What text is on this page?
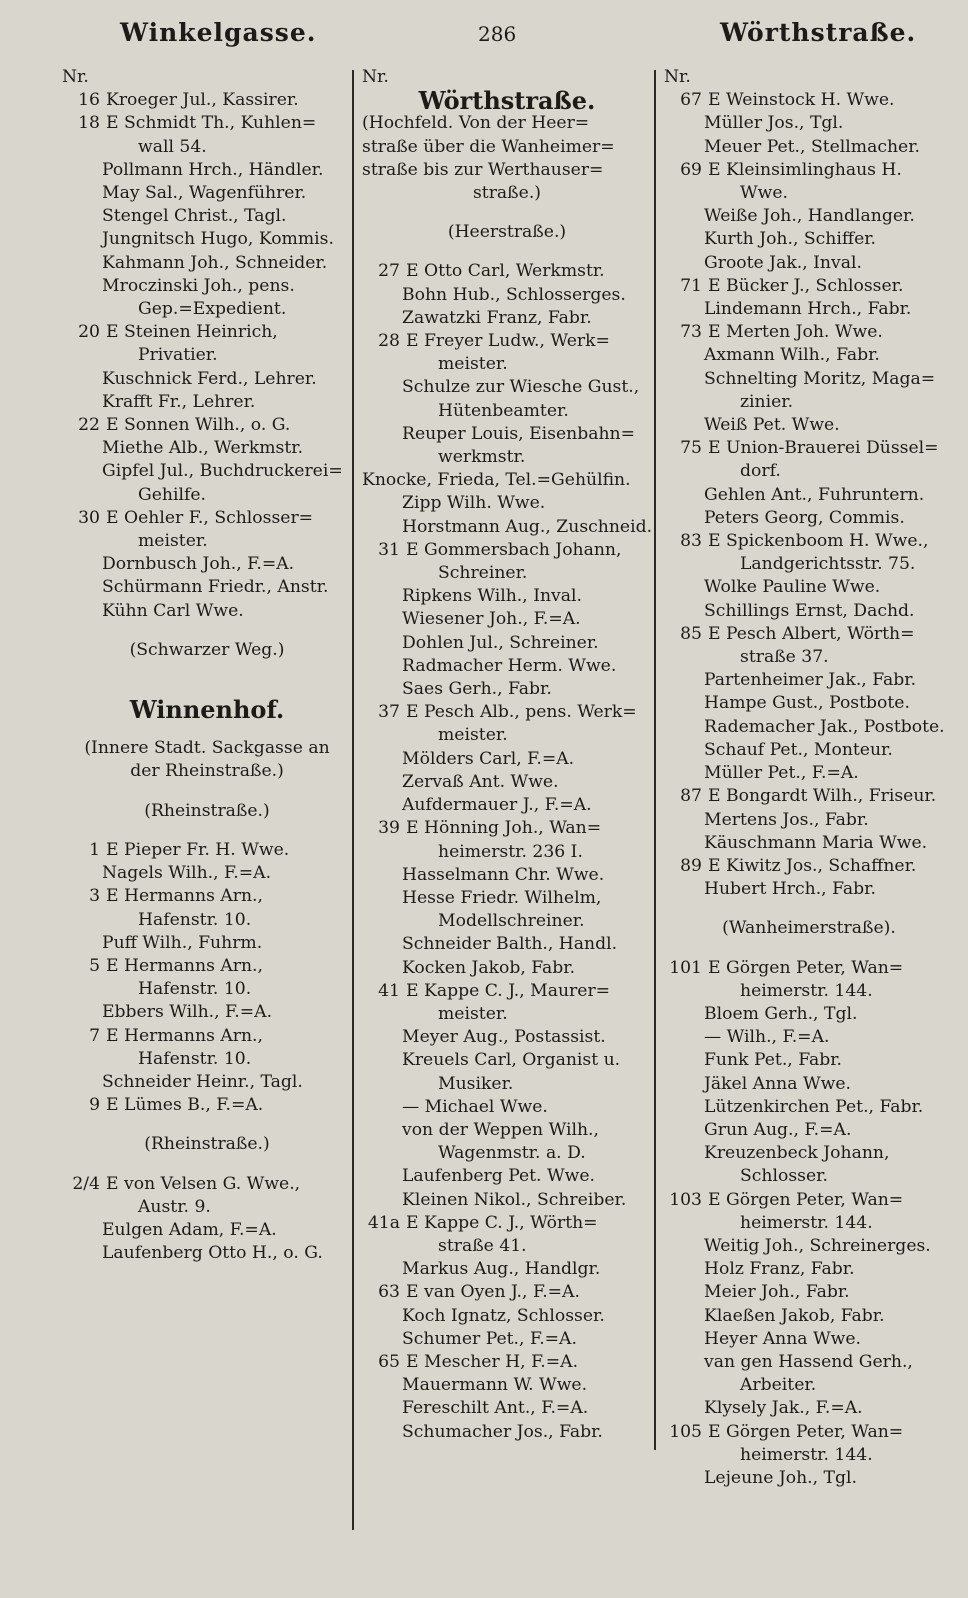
Winkelgasse.	286	Wörthstraße.
Nr.
16 Kroeger Jul., Kassirer.
18 E Schmidt Th., Kuhlen=
wall 54.
Pollmann Hrch., Händler.
May Sal., Wagenführer.
Stengel Christ., Tagl.
Jungnitsch Hugo, Kommis.
Kahmann Joh., Schneider.
Mroczinski Joh., pens.
Gep.=Expedient.
20 E Steinen Heinrich,
Privatier.
Kuschnick Ferd., Lehrer.
Krafft Fr., Lehrer.
22 E Sonnen Wilh., o. G.
Miethe Alb., Werkmstr.
Gipfel Jul., Buchdruckerei=
Gehilfe.
30 E Oehler F., Schlosser=
meister.
Dornbusch Joh., F.=A.
Schürmann Friedr., Anstr.
Kühn Carl Wwe.
(Schwarzer Weg.)
Winnenhof.
(Innere Stadt. Sackgasse an
der Rheinstraße.)
(Rheinstraße.)
1 E Pieper Fr. H. Wwe.
Nagels Wilh., F.=A.
3 E Hermanns Arn.,
Hafenstr. 10.
Puff Wilh., Fuhrm.
5 E Hermanns Arn.,
Hafenstr. 10.
Ebbers Wilh., F.=A.
7 E Hermanns Arn.,
Hafenstr. 10.
Schneider Heinr., Tagl.
9 E Lümes B., F.=A.
(Rheinstraße.)
2/4 E von Velsen G. Wwe.,
Austr. 9.
Eulgen Adam, F.=A.
Laufenberg Otto H., o. G.
Nr.
Wörthstraße.
(Hochfeld. Von der Heer=
straße über die Wanheimer=
straße bis zur Werthauser=
straße.)
(Heerstraße.)
27 E Otto Carl, Werkmstr.
Bohn Hub., Schlosserges.
Zawatzki Franz, Fabr.
28 E Freyer Ludw., Werk=
meister.
Schulze zur Wiesche Gust.,
Hütenbeamter.
Reuper Louis, Eisenbahn=
werkmstr.
Knocke, Frieda, Tel.=Gehülfin.
Zipp Wilh. Wwe.
Horstmann Aug., Zuschneid.
31 E Gommersbach Johann,
Schreiner.
Ripkens Wilh., Inval.
Wiesener Joh., F.=A.
Dohlen Jul., Schreiner.
Radmacher Herm. Wwe.
Saes Gerh., Fabr.
37 E Pesch Alb., pens. Werk=
meister.
Mölders Carl, F.=A.
Zervaß Ant. Wwe.
Aufdermauer J., F.=A.
39 E Hönning Joh., Wan=
heimerstr. 236 I.
Hasselmann Chr. Wwe.
Hesse Friedr. Wilhelm,
Modellschreiner.
Schneider Balth., Handl.
Kocken Jakob, Fabr.
41 E Kappe C. J., Maurer=
meister.
Meyer Aug., Postassist.
Kreuels Carl, Organist u.
Musiker.
— Michael Wwe.
von der Weppen Wilh.,
Wagenmstr. a. D.
Laufenberg Pet. Wwe.
Kleinen Nikol., Schreiber.
41a E Kappe C. J., Wörth=
straße 41.
Markus Aug., Handlgr.
63 E van Oyen J., F.=A.
Koch Ignatz, Schlosser.
Schumer Pet., F.=A.
65 E Mescher H, F.=A.
Mauermann W. Wwe.
Fereschilt Ant., F.=A.
Schumacher Jos., Fabr.
Nr.
67 E Weinstock H. Wwe.
Müller Jos., Tgl.
Meuer Pet., Stellmacher.
69 E Kleinsimlinghaus H.
Wwe.
Weiße Joh., Handlanger.
Kurth Joh., Schiffer.
Groote Jak., Inval.
71 E Bücker J., Schlosser.
Lindemann Hrch., Fabr.
73 E Merten Joh. Wwe.
Axmann Wilh., Fabr.
Schnelting Moritz, Maga=
zinier.
Weiß Pet. Wwe.
75 E Union-Brauerei Düssel=
dorf.
Gehlen Ant., Fuhruntern.
Peters Georg, Commis.
83 E Spickenboom H. Wwe.,
Landgerichtsstr. 75.
Wolke Pauline Wwe.
Schillings Ernst, Dachd.
85 E Pesch Albert, Wörth=
straße 37.
Partenheimer Jak., Fabr.
Hampe Gust., Postbote.
Rademacher Jak., Postbote.
Schauf Pet., Monteur.
Müller Pet., F.=A.
87 E Bongardt Wilh., Friseur.
Mertens Jos., Fabr.
Käuschmann Maria Wwe.
89 E Kiwitz Jos., Schaffner.
Hubert Hrch., Fabr.
(Wanheimerstraße).
101 E Görgen Peter, Wan=
heimerstr. 144.
Bloem Gerh., Tgl.
— Wilh., F.=A.
Funk Pet., Fabr.
Jäkel Anna Wwe.
Lützenkirchen Pet., Fabr.
Grun Aug., F.=A.
Kreuzenbeck Johann,
Schlosser.
103 E Görgen Peter, Wan=
heimerstr. 144.
Weitig Joh., Schreinerges.
Holz Franz, Fabr.
Meier Joh., Fabr.
Klaeßen Jakob, Fabr.
Heyer Anna Wwe.
van gen Hassend Gerh.,
Arbeiter.
Klysely Jak., F.=A.
105 E Görgen Peter, Wan=
heimerstr. 144.
Lejeune Joh., Tgl.
